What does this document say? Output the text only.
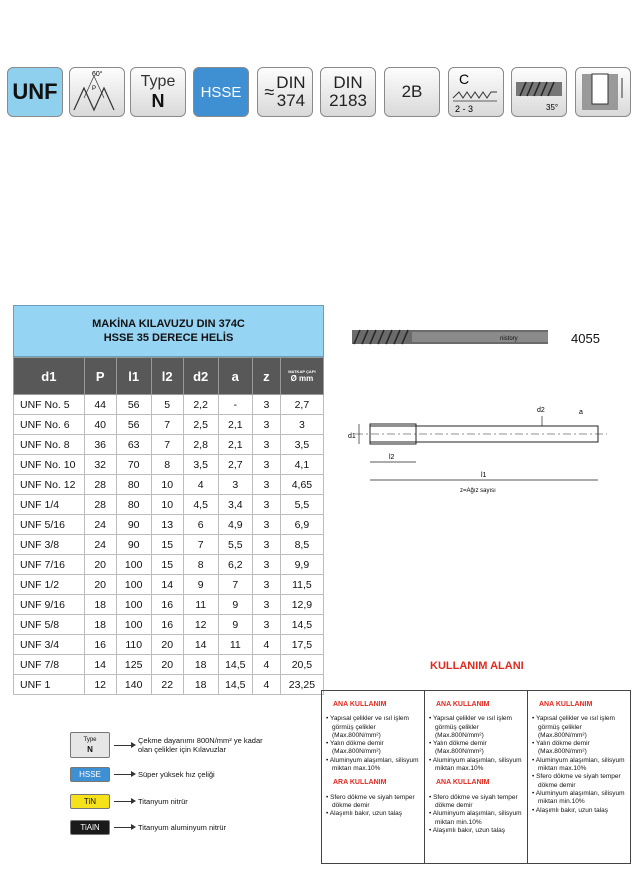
UNF
60°
P	Type
N HSSE ≈ DIN
374
DIN
2183 2B
C
2 - 3	35°
MAKİNA KILAVUZU DIN 374C
HSSE 35 DERECE HELİS
d1	P	l1	l2	d2	a	z	MATKAP ÇAPI
Ø mm

UNF No. 5	44	56	5	2,2	-	3	2,7
UNF No. 6	40	56	7	2,5	2,1	3	3
UNF No. 8	36	63	7	2,8	2,1	3	3,5
UNF No. 10	32	70	8	3,5	2,7	3	4,1
UNF No. 12	28	80	10	4	3	3	4,65
UNF 1/4	28	80	10	4,5	3,4	3	5,5
UNF 5/16	24	90	13	6	4,9	3	6,9
UNF 3/8	24	90	15	7	5,5	3	8,5
UNF 7/16	20	100	15	8	6,2	3	9,9
UNF 1/2	20	100	14	9	7	3	11,5
UNF 9/16	18	100	16	11	9	3	12,9
UNF 5/8	18	100	16	12	9	3	14,5
UNF 3/4	16	110	20	14	11	4	17,5
UNF 7/8	14	125	20	18	14,5	4	20,5
UNF 1	12	140	22	18	14,5	4	23,25
nistory	4055
d1
d2	a
l2
l1
z=Ağız sayısı
KULLANIM ALANI
ANA KULLANIM
• Yapısal çelikler ve ısıl işlem görmüş çelikler (Max.800N/mm²)
• Yalın dökme demir (Max.800N/mm²)
• Aluminyum alaşımları, silisyum miktarı max.10%
ARA KULLANIM
• Sfero dökme ve siyah temper dökme demir
• Alaşımlı bakır, uzun talaş
ANA KULLANIM
• Yapısal çelikler ve ısıl işlem görmüş çelikler (Max.800N/mm²)
• Yalın dökme demir (Max.800N/mm²)
• Aluminyum alaşımları, silisyum miktarı max.10%
ANA KULLANIM
• Sfero dökme ve siyah temper dökme demir
• Aluminyum alaşımları, silisyum miktarı min.10%
• Alaşımlı bakır, uzun talaş
ANA KULLANIM
• Yapısal çelikler ve ısıl işlem görmüş çelikler (Max.800N/mm²)
• Yalın dökme demir (Max.800N/mm²)
• Aluminyum alaşımları, silisyum miktarı max.10%
• Sfero dökme ve siyah temper dökme demir
• Aluminyum alaşımları, silisyum miktarı min.10%
• Alaşımlı bakır, uzun talaş
Type
N
Çekme dayanımı 800N/mm² ye kadar olan çelikler için Kılavuzlar
HSSE	Süper yüksek hız çeliği
TiN	Titanyum nitrür
TiAlN	Titanyum aluminyum nitrür
